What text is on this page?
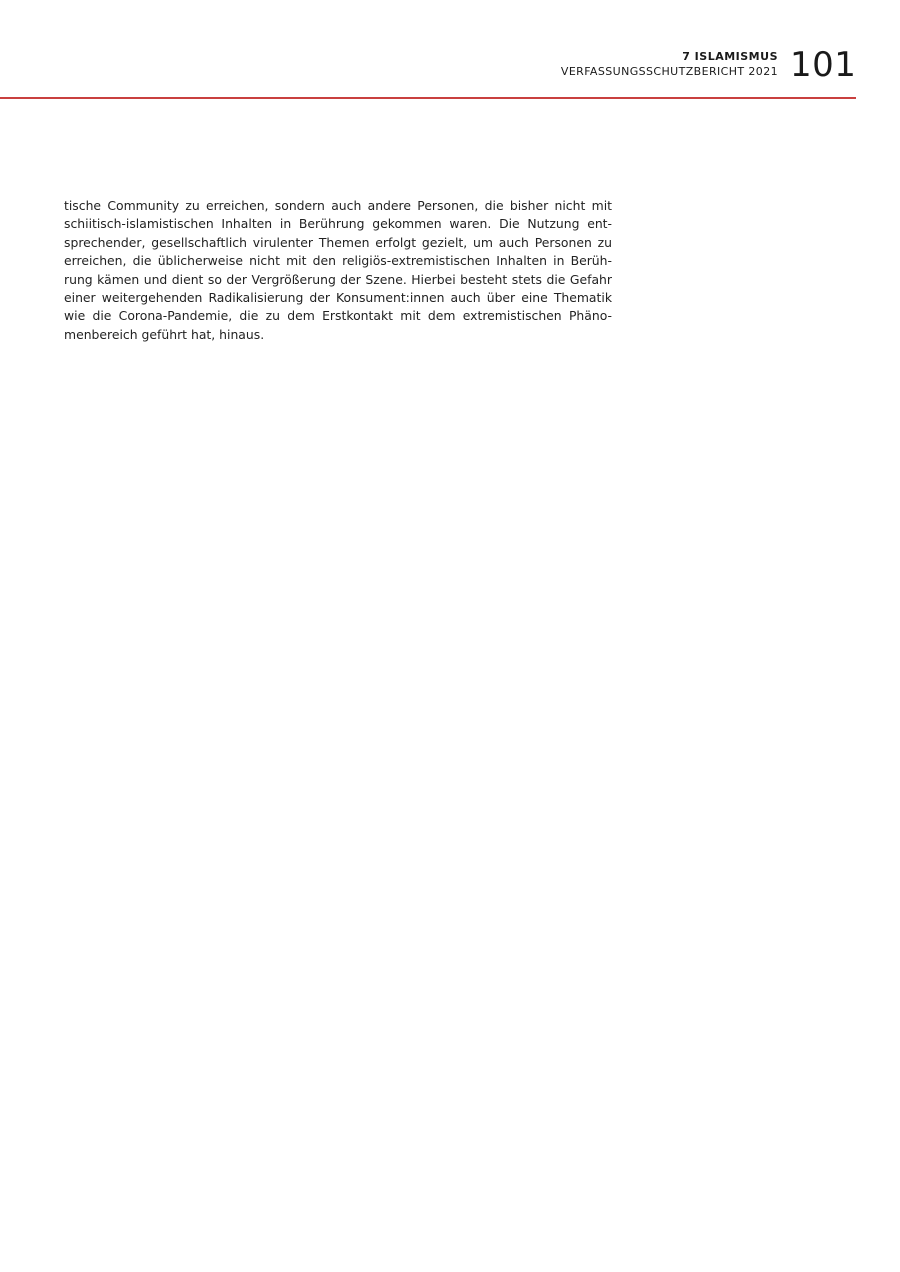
7 ISLAMISMUS
VERFASSUNGSSCHUTZBERICHT 2021 101
tische Community zu erreichen, sondern auch andere Personen, die bisher nicht mit
schiitisch-islamistischen Inhalten in Berührung gekommen waren. Die Nutzung ent-
sprechender, gesellschaftlich virulenter Themen erfolgt gezielt, um auch Personen zu
erreichen, die üblicherweise nicht mit den religiös-extremistischen Inhalten in Berüh-
rung kämen und dient so der Vergrößerung der Szene. Hierbei besteht stets die Gefahr
einer weitergehenden Radikalisierung der Konsument:innen auch über eine Thematik
wie die Corona-Pandemie, die zu dem Erstkontakt mit dem extremistischen Phäno-
menbereich geführt hat, hinaus.
